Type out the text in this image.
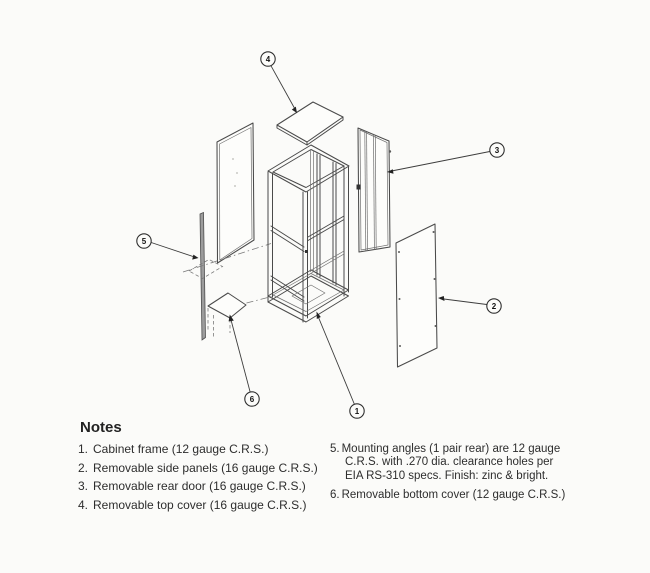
4
3
5
2
6
1
Notes
1. Cabinet frame (12 gauge C.R.S.)
2. Removable side panels (16 gauge C.R.S.)
3. Removable rear door (16 gauge C.R.S.)
4. Removable top cover (16 gauge C.R.S.)
5. Mounting angles (1 pair rear) are 12 gauge C.R.S. with .270 dia. clearance holes per EIA RS-310 specs. Finish: zinc & bright.
6. Removable bottom cover (12 gauge C.R.S.)
